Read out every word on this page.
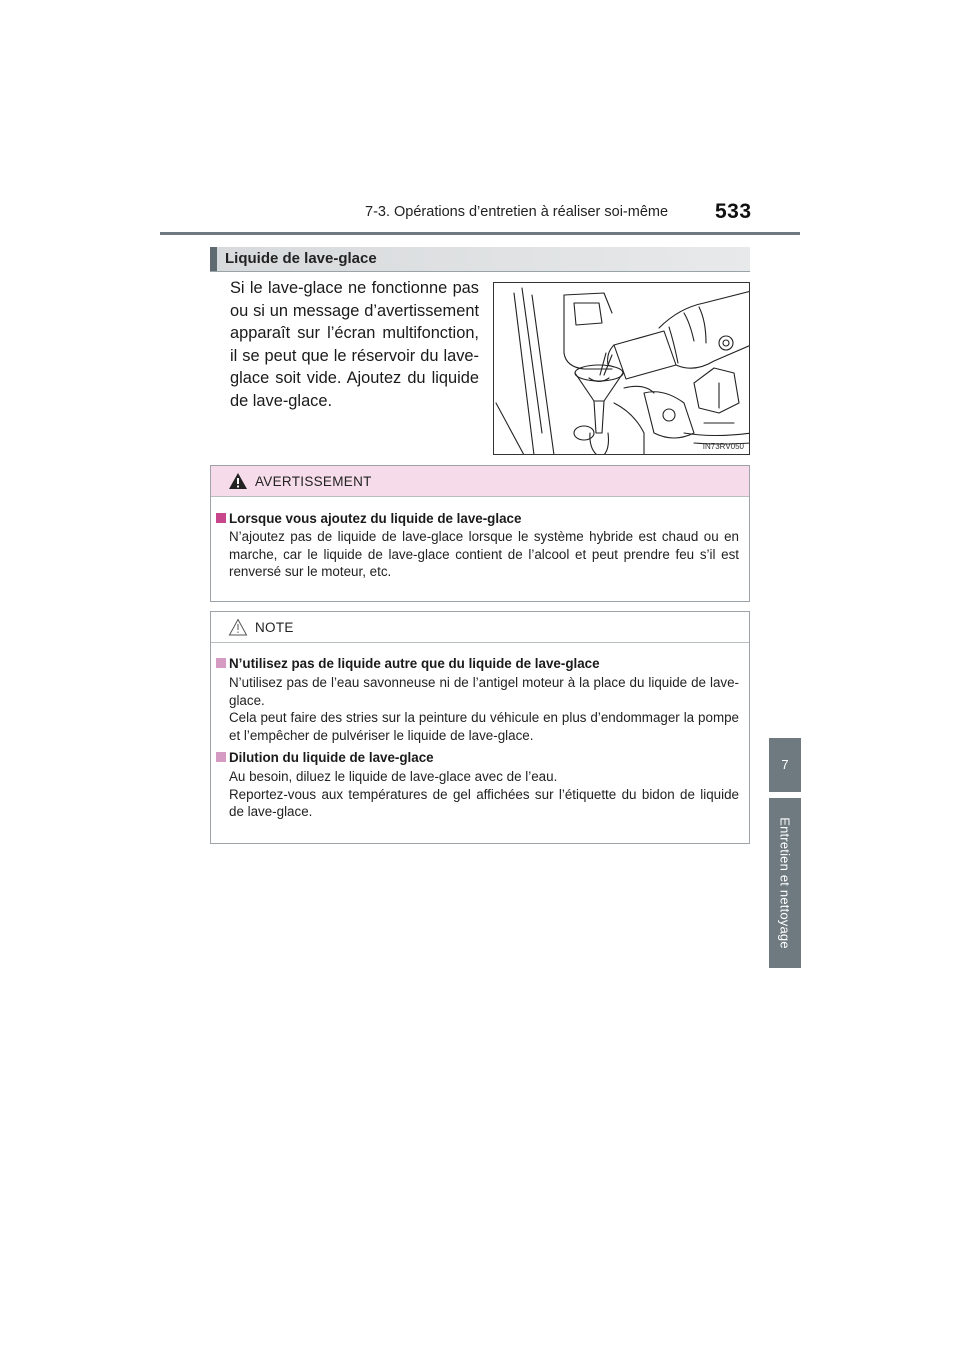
7-3. Opérations d’entretien à réaliser soi-même 533
7
Entretien et nettoyage
Liquide de lave-glace
Si le lave-glace ne fonctionne pas ou si un message d’avertissement apparaît sur l’écran multifonction, il se peut que le réservoir du lave-glace soit vide. Ajoutez du liquide de lave-glace.
IN73RV050
AVERTISSEMENT
Lorsque vous ajoutez du liquide de lave-glace

N’ajoutez pas de liquide de lave-glace lorsque le système hybride est chaud ou en marche, car le liquide de lave-glace contient de l’alcool et peut prendre feu s’il est renversé sur le moteur, etc.

NOTE
N’utilisez pas de liquide autre que du liquide de lave-glace

N’utilisez pas de l’eau savonneuse ni de l’antigel moteur à la place du liquide de lave-glace.

Cela peut faire des stries sur la peinture du véhicule en plus d’endommager la pompe et l’empêcher de pulvériser le liquide de lave-glace.

Dilution du liquide de lave-glace

Au besoin, diluez le liquide de lave-glace avec de l’eau.

Reportez-vous aux températures de gel affichées sur l’étiquette du bidon de liquide de lave-glace.
